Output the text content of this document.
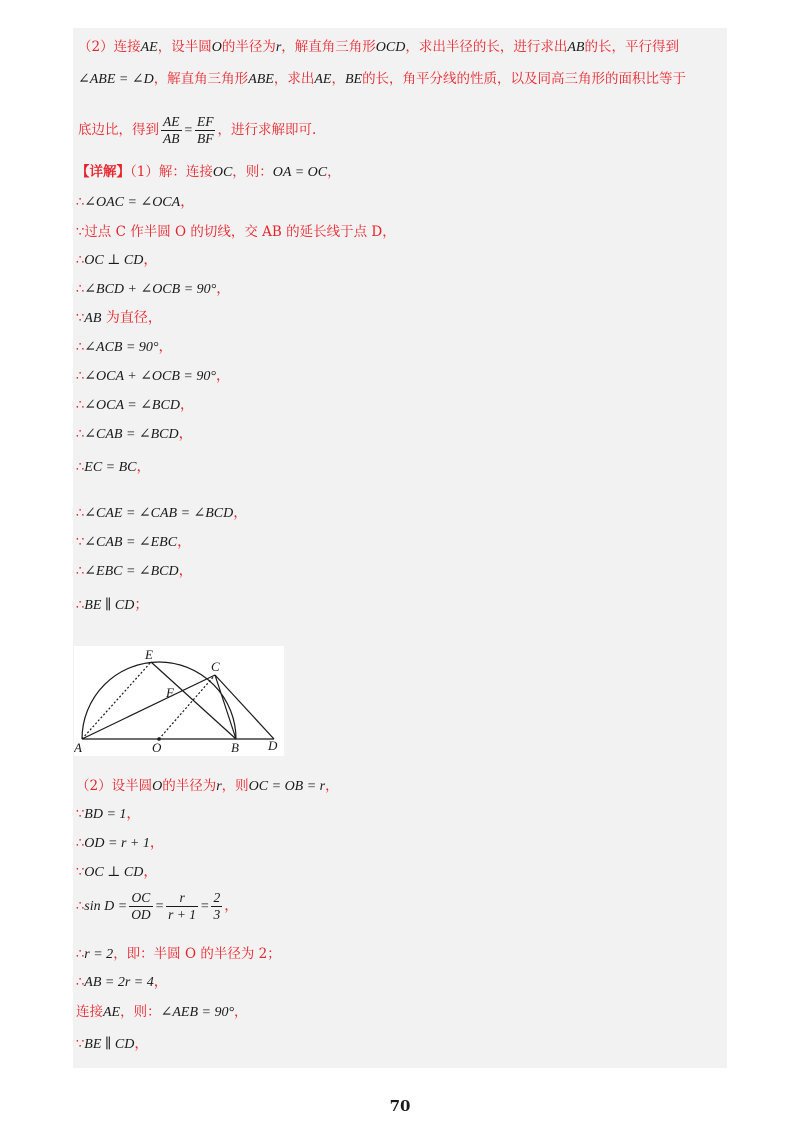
（2）连接AE，设半圆O的半径为r，解直角三角形OCD，求出半径的长，进行求出AB的长，平行得到
∠ABE = ∠D，解直角三角形ABE，求出AE，BE的长，角平分线的性质，以及同高三角形的面积比等于
底边比，得到 $\frac{AE}{AB} = \frac{EF}{BF}$ ，进行求解即可.
【详解】（1）解：连接OC，则：OA = OC，
∴∠OAC = ∠OCA，
∵过点 C 作半圆 O 的切线，交 AB 的延长线于点 D，
∴OC ⊥ CD，
∴∠BCD + ∠OCB = 90°，
∵AB 为直径，
∴∠ACB = 90°，
∴∠OCA + ∠OCB = 90°，
∴∠OCA = ∠BCD，
∴∠CAB = ∠BCD，
∴EC = BC，
∴∠CAE = ∠CAB = ∠BCD，
∵∠CAB = ∠EBC，
∴∠EBC = ∠BCD，
∴BE ∥ CD；
E
C
F
A	O	B D
（2）设半圆O的半径为r，则OC = OB = r，
∵BD = 1，
∴OD = r + 1，
∵OC ⊥ CD，
∴sin $D = \frac{OC}{OD} = \frac{r}{r + 1} = \frac{2}{3}$ ，
∴r = 2，即：半圆 O 的半径为 2；
∴AB = 2r = 4，
连接AE，则：∠AEB = 90°，
∵BE ∥ CD，
70
